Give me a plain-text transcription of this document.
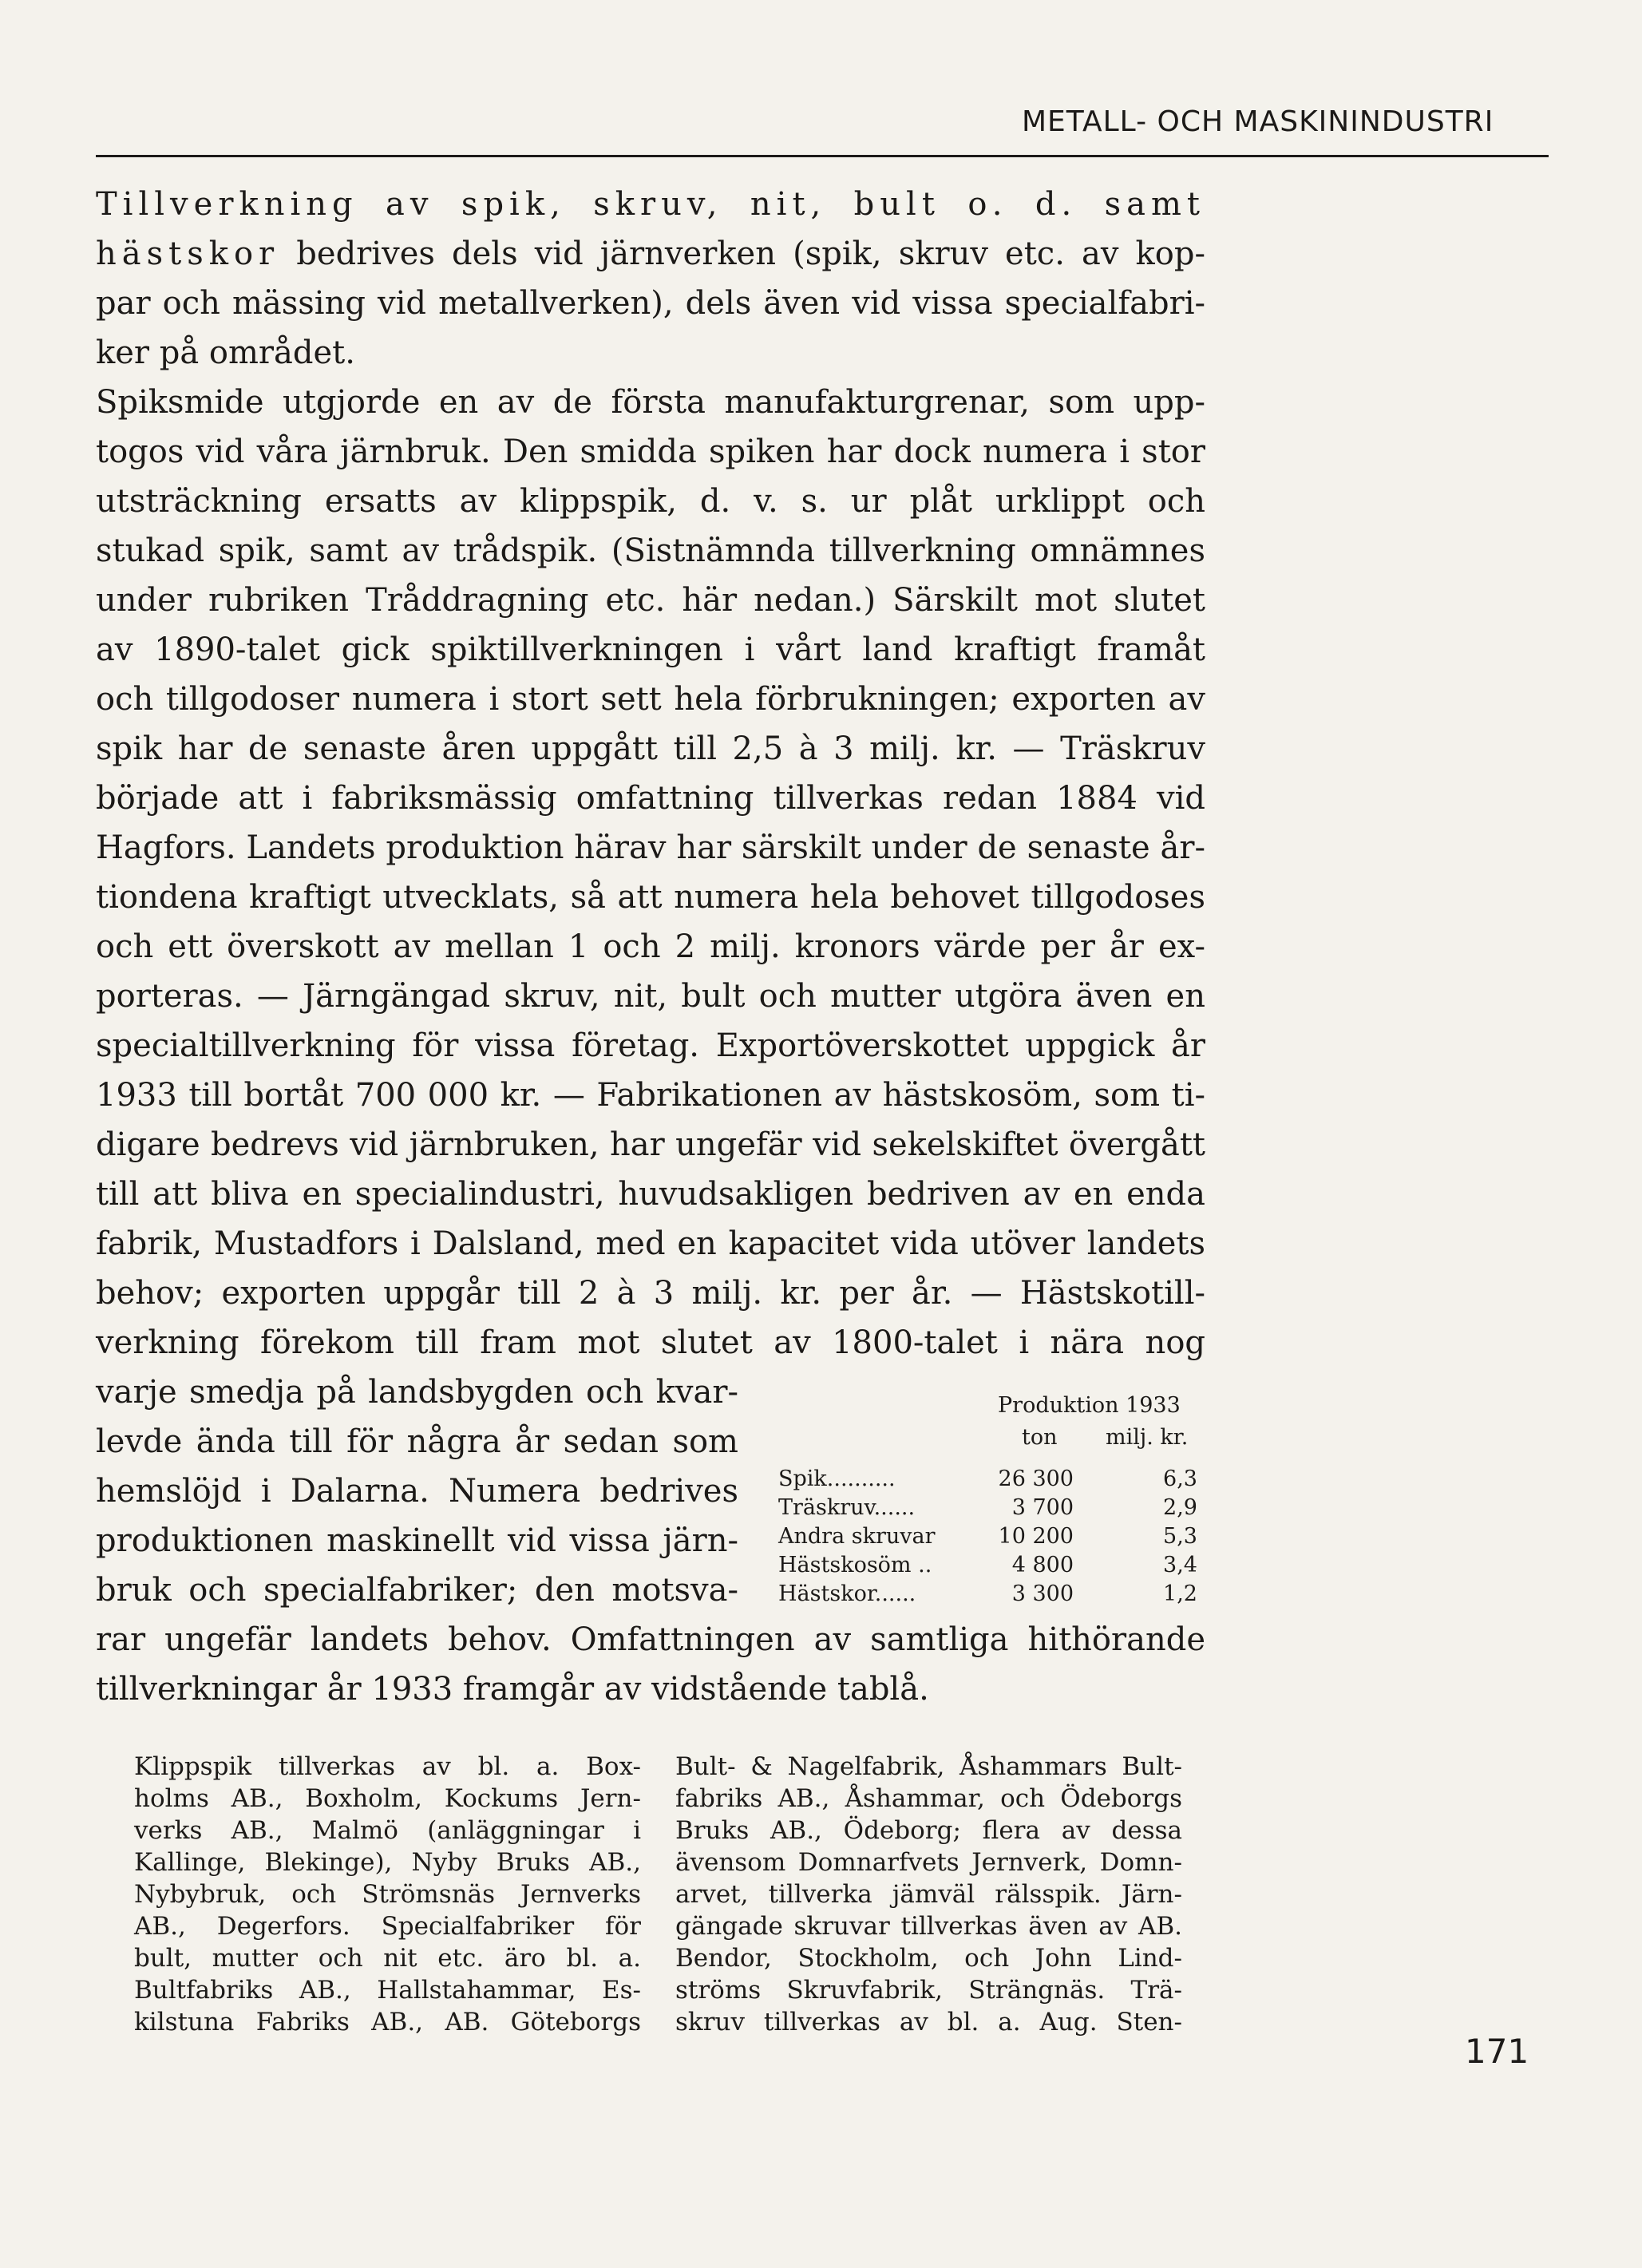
METALL- OCH MASKININDUSTRI
Tillverkning av spik, skruv, nit, bult o. d. samt
hästskor bedrives dels vid järnverken (spik, skruv etc. av kop-
par och mässing vid metallverken), dels även vid vissa specialfabri-
ker på området.
Spiksmide utgjorde en av de första manufakturgrenar, som upp-
togos vid våra järnbruk. Den smidda spiken har dock numera i stor
utsträckning ersatts av klippspik, d. v. s. ur plåt urklippt och
stukad spik, samt av trådspik. (Sistnämnda tillverkning omnämnes
under rubriken Tråddragning etc. här nedan.) Särskilt mot slutet
av 1890-talet gick spiktillverkningen i vårt land kraftigt framåt
och tillgodoser numera i stort sett hela förbrukningen; exporten av
spik har de senaste åren uppgått till 2,5 à 3 milj. kr. — Träskruv
började att i fabriksmässig omfattning tillverkas redan 1884 vid
Hagfors. Landets produktion härav har särskilt under de senaste år-
tiondena kraftigt utvecklats, så att numera hela behovet tillgodoses
och ett överskott av mellan 1 och 2 milj. kronors värde per år ex-
porteras. — Järngängad skruv, nit, bult och mutter utgöra även en
specialtillverkning för vissa företag. Exportöverskottet uppgick år
1933 till bortåt 700 000 kr. — Fabrikationen av hästskosöm, som ti-
digare bedrevs vid järnbruken, har ungefär vid sekelskiftet övergått
till att bliva en specialindustri, huvudsakligen bedriven av en enda
fabrik, Mustadfors i Dalsland, med en kapacitet vida utöver landets
behov; exporten uppgår till 2 à 3 milj. kr. per år. — Hästskotill-
verkning förekom till fram mot slutet av 1800-talet i nära nog
varje smedja på landsbygden och kvar-
levde ända till för några år sedan som
hemslöjd i Dalarna. Numera bedrives
produktionen maskinellt vid vissa järn-
bruk och specialfabriker; den motsva-
rar ungefär landets behov. Omfattningen av samtliga hithörande
tillverkningar år 1933 framgår av vidstående tablå.
Produktion 1933
ton milj. kr.
Spik..........	26 300	6,3
Träskruv......	3 700	2,9
Andra skruvar	10 200	5,3
Hästskosöm ..	4 800	3,4
Hästskor......	3 300	1,2
Klippspik tillverkas av bl. a. Box-
holms AB., Boxholm, Kockums Jern-
verks AB., Malmö (anläggningar i
Kallinge, Blekinge), Nyby Bruks AB.,
Nybybruk, och Strömsnäs Jernverks
AB., Degerfors. Specialfabriker för
bult, mutter och nit etc. äro bl. a.
Bultfabriks AB., Hallstahammar, Es-
kilstuna Fabriks AB., AB. Göteborgs
Bult- & Nagelfabrik, Åshammars Bult-
fabriks AB., Åshammar, och Ödeborgs
Bruks AB., Ödeborg; flera av dessa
ävensom Domnarfvets Jernverk, Domn-
arvet, tillverka jämväl rälsspik. Järn-
gängade skruvar tillverkas även av AB.
Bendor, Stockholm, och John Lind-
ströms Skruvfabrik, Strängnäs. Trä-
skruv tillverkas av bl. a. Aug. Sten-
171
